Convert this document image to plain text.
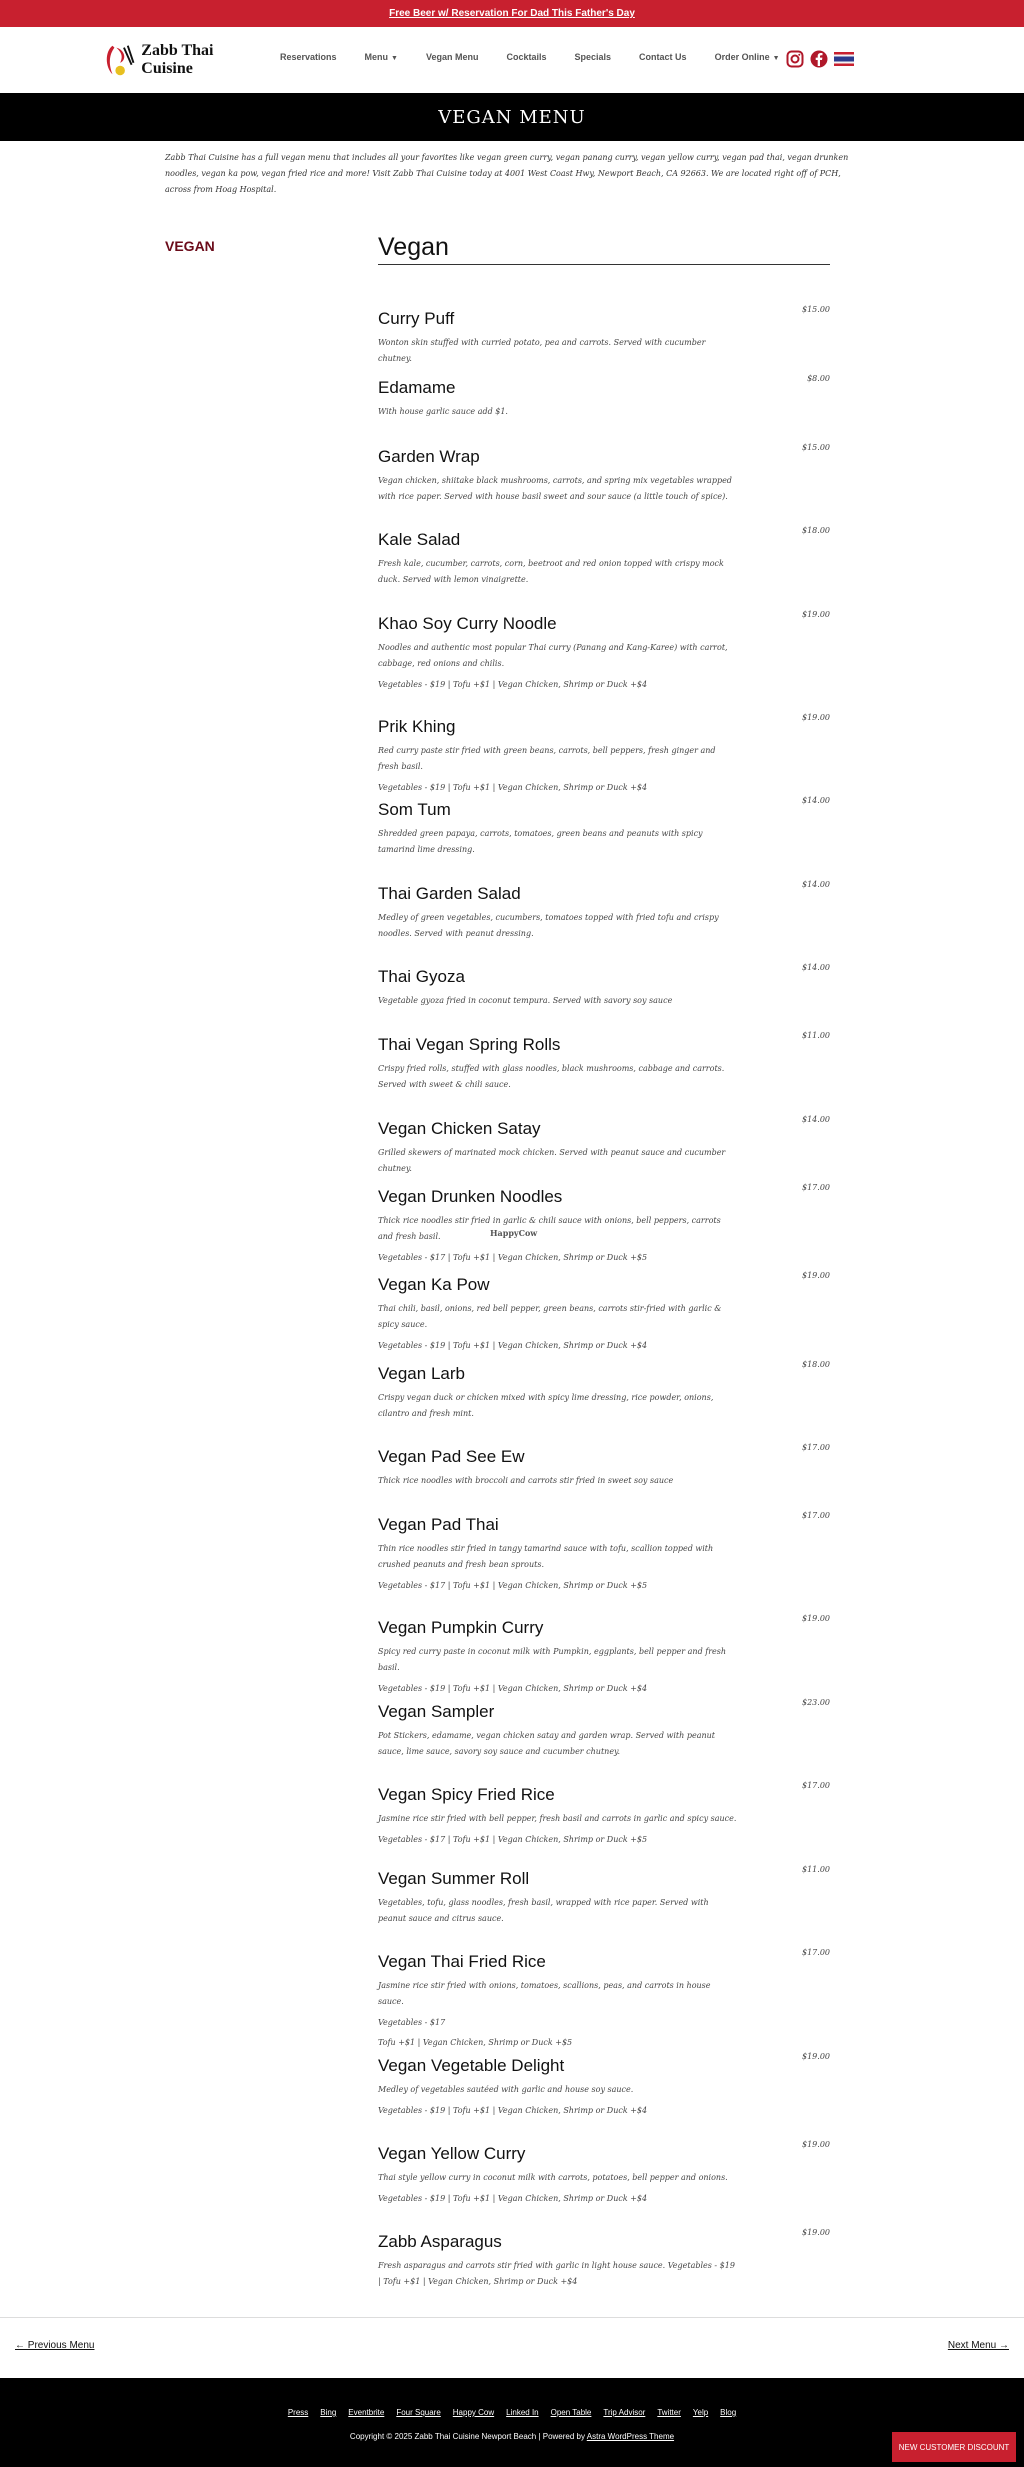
Free Beer w/ Reservation For Dad This Father's Day
Zabb Thai Cuisine
Reservations	Menu ▼	Vegan Menu	Cocktails	Specials	Contact Us	Order Online ▼
VEGAN MENU

Zabb Thai Cuisine has a full vegan menu that includes all your favorites like vegan green curry, vegan panang curry, vegan yellow curry, vegan pad thai, vegan drunken noodles, vegan ka pow, vegan fried rice and more! Visit Zabb Thai Cuisine today at 4001 West Coast Hwy, Newport Beach, CA 92663. We are located right off of PCH, across from Hoag Hospital.

VEGAN	Vegan
Curry Puff	$15.00
Wonton skin stuffed with curried potato, pea and carrots. Served with cucumber chutney.
Edamame	$8.00
With house garlic sauce add $1.
Garden Wrap	$15.00
Vegan chicken, shiitake black mushrooms, carrots, and spring mix vegetables wrapped with rice paper. Served with house basil sweet and sour sauce (a little touch of spice).
Kale Salad	$18.00
Fresh kale, cucumber, carrots, corn, beetroot and red onion topped with crispy mock duck. Served with lemon vinaigrette.
Khao Soy Curry Noodle	$19.00
Noodles and authentic most popular Thai curry (Panang and Kang-Karee) with carrot, cabbage, red onions and chilis.
Vegetables - $19 | Tofu +$1 | Vegan Chicken, Shrimp or Duck +$4
Prik Khing	$19.00
Red curry paste stir fried with green beans, carrots, bell peppers, fresh ginger and fresh basil.
Vegetables - $19 | Tofu +$1 | Vegan Chicken, Shrimp or Duck +$4
Som Tum	$14.00
Shredded green papaya, carrots, tomatoes, green beans and peanuts with spicy tamarind lime dressing.
Thai Garden Salad	$14.00
Medley of green vegetables, cucumbers, tomatoes topped with fried tofu and crispy noodles. Served with peanut dressing.
Thai Gyoza	$14.00
Vegetable gyoza fried in coconut tempura. Served with savory soy sauce
Thai Vegan Spring Rolls	$11.00
Crispy fried rolls, stuffed with glass noodles, black mushrooms, cabbage and carrots. Served with sweet & chili sauce.
Vegan Chicken Satay	$14.00
Grilled skewers of marinated mock chicken. Served with peanut sauce and cucumber chutney.
Vegan Drunken Noodles	$17.00
Thick rice noodles stir fried in garlic & chili sauce with onions, bell peppers, carrots and fresh basil.
Vegetables - $17 | Tofu +$1 | Vegan Chicken, Shrimp or Duck +$5
Vegan Ka Pow	$19.00
Thai chili, basil, onions, red bell pepper, green beans, carrots stir-fried with garlic & spicy sauce.
Vegetables - $19 | Tofu +$1 | Vegan Chicken, Shrimp or Duck +$4
Vegan Larb	$18.00
Crispy vegan duck or chicken mixed with spicy lime dressing, rice powder, onions, cilantro and fresh mint.
Vegan Pad See Ew	$17.00
Thick rice noodles with broccoli and carrots stir fried in sweet soy sauce
Vegan Pad Thai	$17.00
Thin rice noodles stir fried in tangy tamarind sauce with tofu, scallion topped with crushed peanuts and fresh bean sprouts.
Vegetables - $17 | Tofu +$1 | Vegan Chicken, Shrimp or Duck +$5
Vegan Pumpkin Curry	$19.00
Spicy red curry paste in coconut milk with Pumpkin, eggplants, bell pepper and fresh basil.
Vegetables - $19 | Tofu +$1 | Vegan Chicken, Shrimp or Duck +$4
Vegan Sampler	$23.00
Pot Stickers, edamame, vegan chicken satay and garden wrap. Served with peanut sauce, lime sauce, savory soy sauce and cucumber chutney.
Vegan Spicy Fried Rice	$17.00
Jasmine rice stir fried with bell pepper, fresh basil and carrots in garlic and spicy sauce.
Vegetables - $17 | Tofu +$1 | Vegan Chicken, Shrimp or Duck +$5
Vegan Summer Roll	$11.00
Vegetables, tofu, glass noodles, fresh basil, wrapped with rice paper. Served with peanut sauce and citrus sauce.
Vegan Thai Fried Rice	$17.00
Jasmine rice stir fried with onions, tomatoes, scallions, peas, and carrots in house sauce.
Vegetables - $17
Tofu +$1 | Vegan Chicken, Shrimp or Duck +$5
Vegan Vegetable Delight	$19.00
Medley of vegetables sautéed with garlic and house soy sauce.
Vegetables - $19 | Tofu +$1 | Vegan Chicken, Shrimp or Duck +$4
Vegan Yellow Curry	$19.00
Thai style yellow curry in coconut milk with carrots, potatoes, bell pepper and onions.
Vegetables - $19 | Tofu +$1 | Vegan Chicken, Shrimp or Duck +$4
Zabb Asparagus	$19.00
Fresh asparagus and carrots stir fried with garlic in light house sauce. Vegetables - $19 | Tofu +$1 | Vegan Chicken, Shrimp or Duck +$4
HappyCow
← Previous Menu	Next Menu →
Press Bing Eventbrite Four Square Happy Cow Linked In Open Table Trip Advisor Twitter Yelp Blog
Copyright © 2025 Zabb Thai Cuisine Newport Beach | Powered by Astra WordPress Theme
NEW CUSTOMER DISCOUNT
